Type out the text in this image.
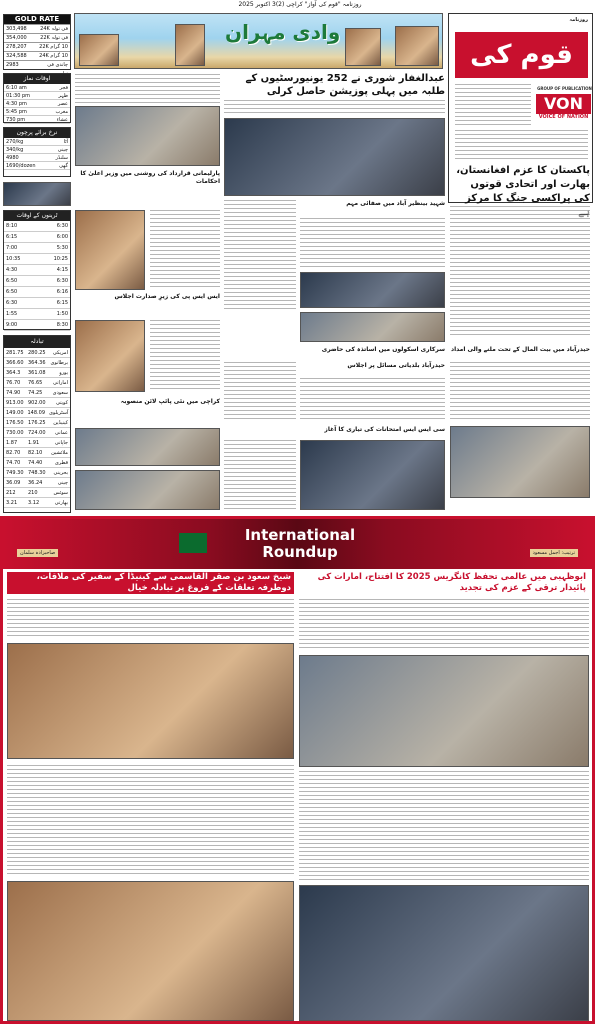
روزنامہ "قوم کی آواز" کراچی (2)3 اکتوبر 2025
GOLD RATE
303,498	فی تولہ 24K
354,000	فی تولہ 22K
278,207	10 گرام 22K
324,588	10 گرام 24K
2983	چاندی فی
وادی مہران	روزنامہ
قوم کی
GROUP OF PUBLICATION
VON
VOICE OF NATION
پاکستان کا عزم افغانستان، بھارت اور اتحادی قوتوں کی پراکسی جنگ کا مرکز
اوقات نماز
6:10 am	فجر
01:30 pm	ظہر
4:30 pm	عصر
5:45 pm	مغرب
730 pm	عشاء
نرخ برائے پرچون
270/kg	آٹا
340/kg	چینی
4980	سلنڈر
1690/dozen	گھی
ٹرینوں کے اوقات
8:10	6:30
6:15	6:00
7:00	5:30
10:35	10:25
4:30	4:15
6:50	6:30
6:50	6:16
6:30	6:15
1:55	1:50
9:00	8:30
تبادلہ
281.75 280.25	امریکی
366.60 364.36 برطانوی
364.3	361.08	یورو
76.70	76.65	اماراتی
74.90	74.25	سعودی
913.00 902.00	کویتی
149.00 148.09 آسٹریلوی
176.50 176.25	کینیڈین
730.00 724.00	عمانی
1.87	1.91	جاپانی
82.70	82.10	ملائشین
74.70	74.40	قطری
749.30 748.30	بحرینی
36.09	36.24	چینی
212	210	سوئس
3.21	3.12	بھارتی
پارلیمانی قرارداد کی روشنی میں وزیر اعلیٰ کا احکامات
ایس ایس پی کی زیرِ صدارت اجلاس
کراچی میں نئی پائپ لائن منصوبہ
عبدالغفار شوری نے 252 یونیورسٹیوں کے طلبہ میں پہلی پوزیشن حاصل کرلی
شہید بینظیر آباد میں صفائی مہم
سرکاری اسکولوں میں اساتذہ کی حاضری
حیدرآباد بلدیاتی مسائل پر اجلاس
سی ایس ایس امتحانات کی تیاری کا آغاز
حیدرآباد میں بیت المال کے تحت ملنے والی امداد
International
Roundup
صاحبزادہ سلمان	ترتیب: اجمل مسعود
شیخ سعود بن صقر القاسمی سے کینیڈا کے سفیر کی ملاقات، دوطرفہ تعلقات کے فروغ پر تبادلہ خیال
ابوظہبی میں عالمی تحفظ کانگریس 2025 کا افتتاح، امارات کی پائیدار ترقی کے عزم کی تجدید
